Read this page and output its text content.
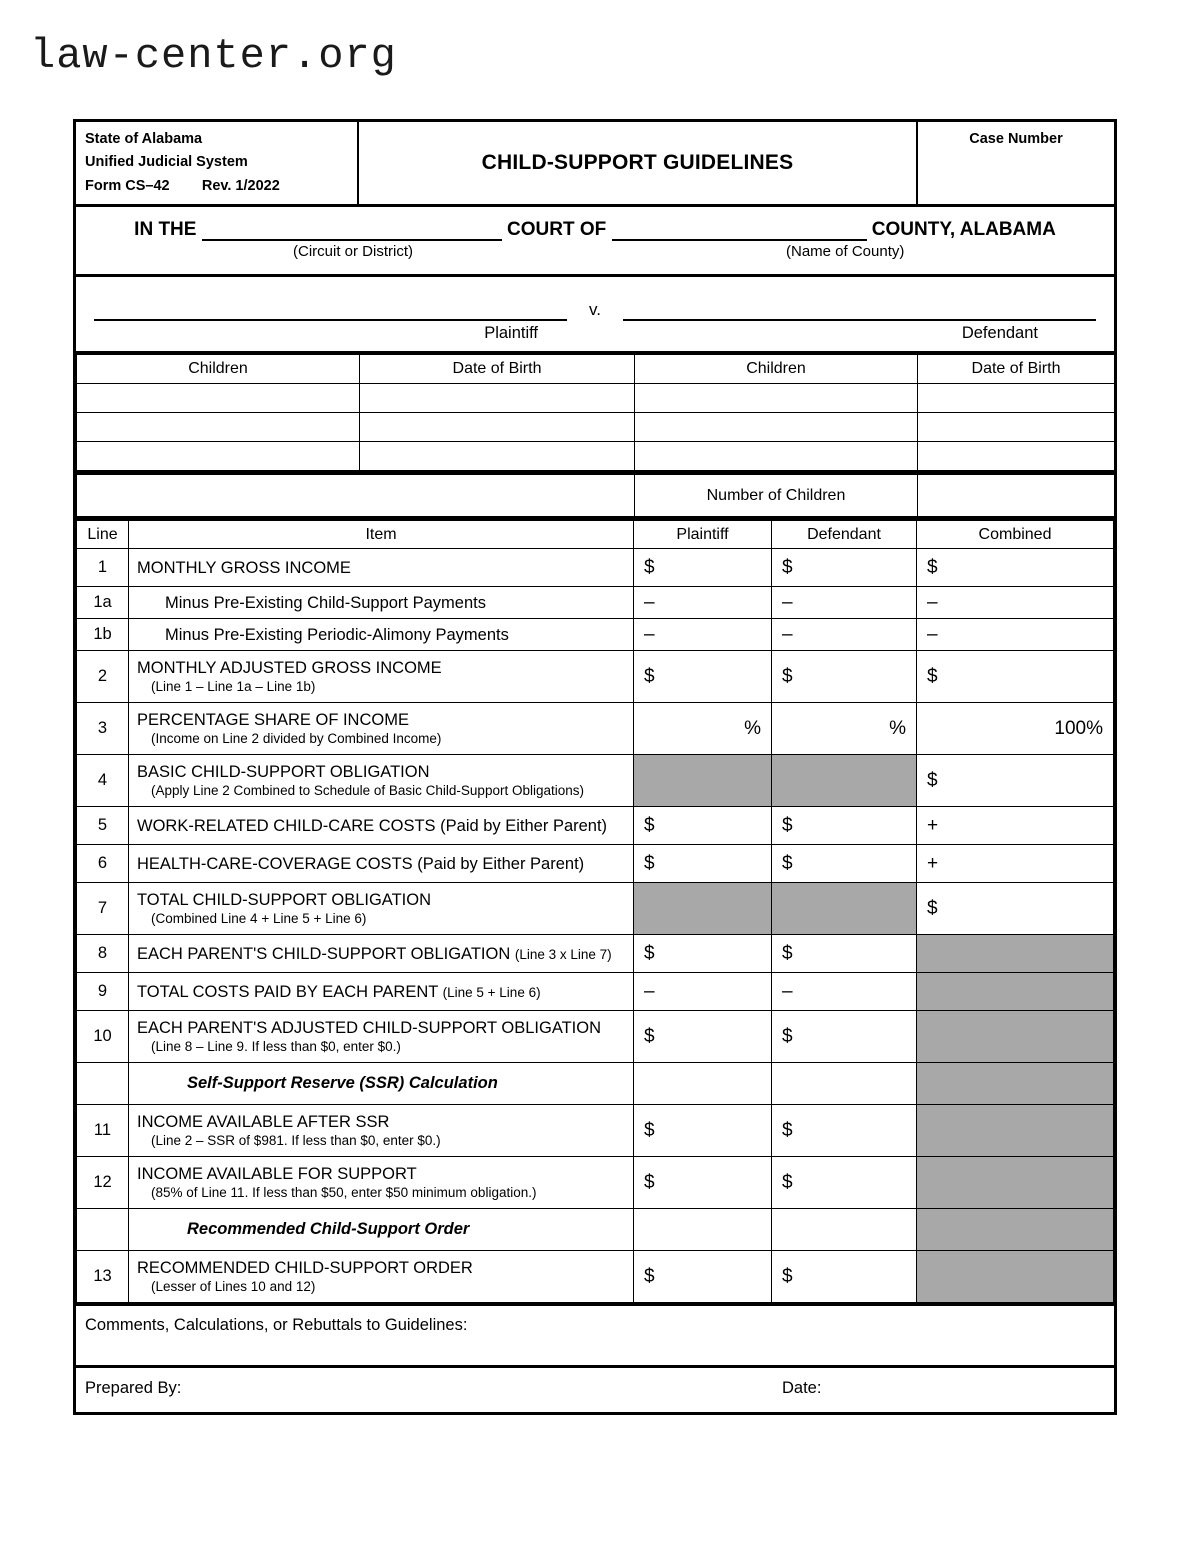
law-center.org
State of Alabama
Unified Judicial System
Form CS–42        Rev. 1/2022
CHILD-SUPPORT GUIDELINES
Case Number
IN THE	COURT OF	COUNTY, ALABAMA
(Circuit or District)	(Name of County)
v.
Plaintiff	Defendant
Children	Date of Birth	Children	Date of Birth

	Number of Children	
Line	Item	Plaintiff	Defendant	Combined
1	MONTHLY GROSS INCOME	$	$	$
1a	Minus Pre-Existing Child-Support Payments	–	–	–
1b	Minus Pre-Existing Periodic-Alimony Payments	–	–	–
2	MONTHLY ADJUSTED GROSS INCOME
(Line 1 – Line 1a – Line 1b)	$	$	$
3	PERCENTAGE SHARE OF INCOME
(Income on Line 2 divided by Combined Income)	%	%	100%
4	BASIC CHILD-SUPPORT OBLIGATION
(Apply Line 2 Combined to Schedule of Basic Child-Support Obligations)			$
5	WORK-RELATED CHILD-CARE COSTS (Paid by Either Parent)	$	$	+
6	HEALTH-CARE-COVERAGE COSTS (Paid by Either Parent)	$	$	+
7	TOTAL CHILD-SUPPORT OBLIGATION
(Combined Line 4 + Line 5 + Line 6)			$
8	EACH PARENT'S CHILD-SUPPORT OBLIGATION (Line 3 x Line 7)	$	$	
9	TOTAL COSTS PAID BY EACH PARENT (Line 5 + Line 6)	–	–	
10	EACH PARENT'S ADJUSTED CHILD-SUPPORT OBLIGATION
(Line 8 – Line 9. If less than $0, enter $0.)	$	$	

	Self-Support Reserve (SSR) Calculation			

11	INCOME AVAILABLE AFTER SSR
(Line 2 – SSR of $981. If less than $0, enter $0.)	$	$	
12	INCOME AVAILABLE FOR SUPPORT
(85% of Line 11. If less than $50, enter $50 minimum obligation.)	$	$	

	Recommended Child-Support Order			

13	RECOMMENDED CHILD-SUPPORT ORDER
(Lesser of Lines 10 and 12)	$	$	
Comments, Calculations, or Rebuttals to Guidelines:
Prepared By:	Date:
